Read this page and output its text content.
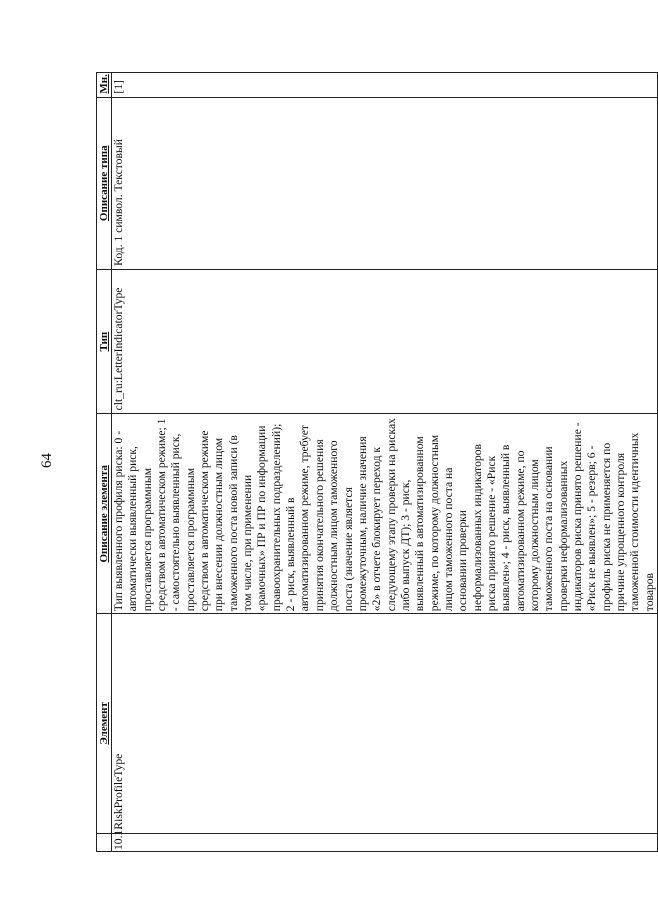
64
	Элемент	Описание элемента	Тип	Описание типа	Мн.
10.1.	RiskProfileType	Тип выявленного профиля риска: 0 - автоматически выявленный риск, проставляется программным средством в автоматическом режиме; 1 - самостоятельно выявленный риск, проставляется программным средством в автоматическом режиме при внесении должностным лицом таможенного поста новой записи (в том числе, при применении «рамочных» ПР и ПР по информации правоохранительных подразделений); 2 - риск, выявленный в автоматизированном режиме, требует принятия окончательного решения должностным лицом таможенного поста (значение является промежуточным, наличие значения «2» в отчете блокирует переход к следующему этапу проверки на рисках либо выпуск ДТ); 3 - риск, выявленный в автоматизированном режиме, по которому должностным лицом таможенного поста на основании проверки неформализованных индикаторов риска принято решение - «Риск выявлен»; 4 - риск, выявленный в автоматизированном режиме, по которому должностным лицом таможенного поста на основании проверки неформализованных индикаторов риска принято решение - «Риск не выявлен»; 5 - резерв; 6 - профиль риска не применяется по причине упрощенного контроля таможенной стоимости идентичных товаров	clt_ru:LetterIndicatorType	Код. 1 символ. Текстовый	[1]
